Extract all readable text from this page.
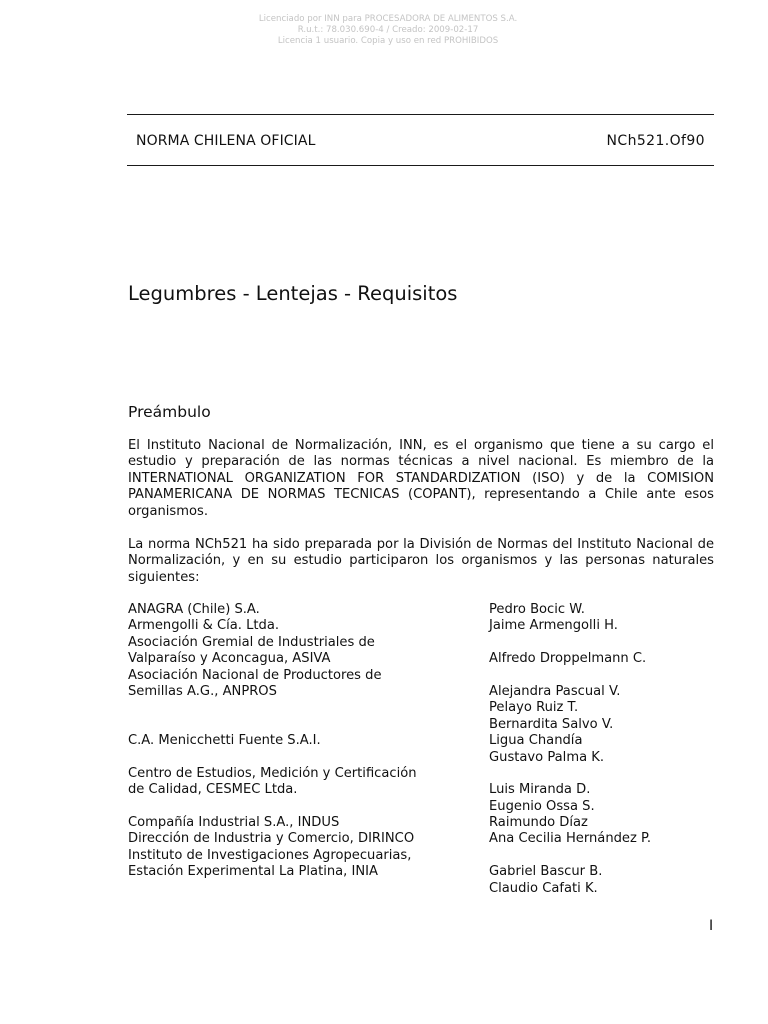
Licenciado por INN para PROCESADORA DE ALIMENTOS S.A.
R.u.t.: 78.030.690-4 / Creado: 2009-02-17
Licencia 1 usuario. Copia y uso en red PROHIBIDOS
NORMA CHILENA OFICIAL	NCh521.Of90
Legumbres - Lentejas - Requisitos
Preámbulo

El Instituto Nacional de Normalización, INN, es el organismo que tiene a su cargo el estudio y preparación de las normas técnicas a nivel nacional. Es miembro de la INTERNATIONAL ORGANIZATION FOR STANDARDIZATION (ISO) y de la COMISION PANAMERICANA DE NORMAS TECNICAS (COPANT), representando a Chile ante esos organismos.

La norma NCh521 ha sido preparada por la División de Normas del Instituto Nacional de Normalización, y en su estudio participaron los organismos y las personas naturales siguientes:

ANAGRA (Chile) S.A.
Armengolli & Cía. Ltda.
Asociación Gremial de Industriales de
Valparaíso y Aconcagua, ASIVA
Asociación Nacional de Productores de
Semillas A.G., ANPROS
C.A. Menicchetti Fuente S.A.I.
Centro de Estudios, Medición y Certificación
de Calidad, CESMEC Ltda.
Compañía Industrial S.A., INDUS
Dirección de Industria y Comercio, DIRINCO
Instituto de Investigaciones Agropecuarias,
Estación Experimental La Platina, INIA
Pedro Bocic W.
Jaime Armengolli H.
Alfredo Droppelmann C.
Alejandra Pascual V.
Pelayo Ruiz T.
Bernardita Salvo V.
Ligua Chandía
Gustavo Palma K.
Luis Miranda D.
Eugenio Ossa S.
Raimundo Díaz
Ana Cecilia Hernández P.
Gabriel Bascur B.
Claudio Cafati K.
I
